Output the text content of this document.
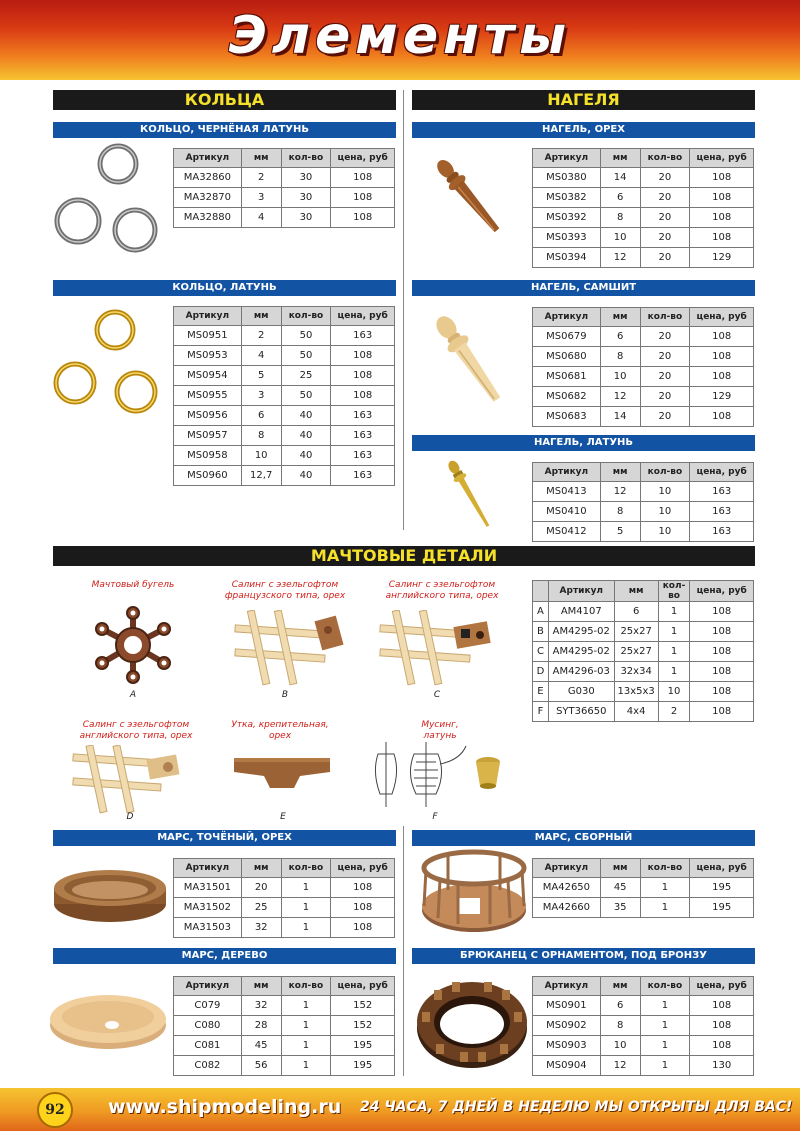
Элементы
КОЛЬЦА
КОЛЬЦО, ЧЕРНЁНАЯ ЛАТУНЬ
Артикул	мм	кол-во	цена, руб
MA32860	2	30	108
MA32870	3	30	108
MA32880	4	30	108
КОЛЬЦО, ЛАТУНЬ
Артикул	мм	кол-во	цена, руб
MS0951	2	50	163
MS0953	4	50	108
MS0954	5	25	108
MS0955	3	50	108
MS0956	6	40	163
MS0957	8	40	163
MS0958	10	40	163
MS0960	12,7	40	163
НАГЕЛЯ
НАГЕЛЬ, ОРЕХ
Артикул	мм	кол-во	цена, руб
MS0380	14	20	108
MS0382	6	20	108
MS0392	8	20	108
MS0393	10	20	108
MS0394	12	20	129
НАГЕЛЬ, САМШИТ
Артикул	мм	кол-во	цена, руб
MS0679	6	20	108
MS0680	8	20	108
MS0681	10	20	108
MS0682	12	20	129
MS0683	14	20	108
НАГЕЛЬ, ЛАТУНЬ
Артикул	мм	кол-во	цена, руб
MS0413	12	10	163
MS0410	8	10	163
MS0412	5	10	163
МАЧТОВЫЕ ДЕТАЛИ
Мачтовый бугель	Салинг с эзельгофтом французского типа, орех
Салинг с эзельгофтом английского типа, орех
Салинг с эзельгофтом английского типа, орех
Утка, крепительная, орех
Мусинг, латунь
A	B	C
D	E	F
	Артикул	мм	кол-во	цена, руб
A	AM4107	6	1	108
B	AM4295-02	25x27	1	108
C	AM4295-02	25x27	1	108
D	AM4296-03	32x34	1	108
E	G030	13x5x3	10	108
F	SYT36650	4x4	2	108
МАРС, ТОЧЁНЫЙ, ОРЕХ
Артикул	мм	кол-во	цена, руб
MA31501	20	1	108
MA31502	25	1	108
MA31503	32	1	108
МАРС, СБОРНЫЙ
Артикул	мм	кол-во	цена, руб
MA42650	45	1	195
MA42660	35	1	195
МАРС, ДЕРЕВО
Артикул	мм	кол-во	цена, руб
C079	32	1	152
C080	28	1	152
C081	45	1	195
C082	56	1	195
БРЮКАНЕЦ С ОРНАМЕНТОМ, ПОД БРОНЗУ
Артикул	мм	кол-во	цена, руб
MS0901	6	1	108
MS0902	8	1	108
MS0903	10	1	108
MS0904	12	1	130
92	www.shipmodeling.ru 24 ЧАСА, 7 ДНЕЙ В НЕДЕЛЮ МЫ ОТКРЫТЫ ДЛЯ ВАС!
